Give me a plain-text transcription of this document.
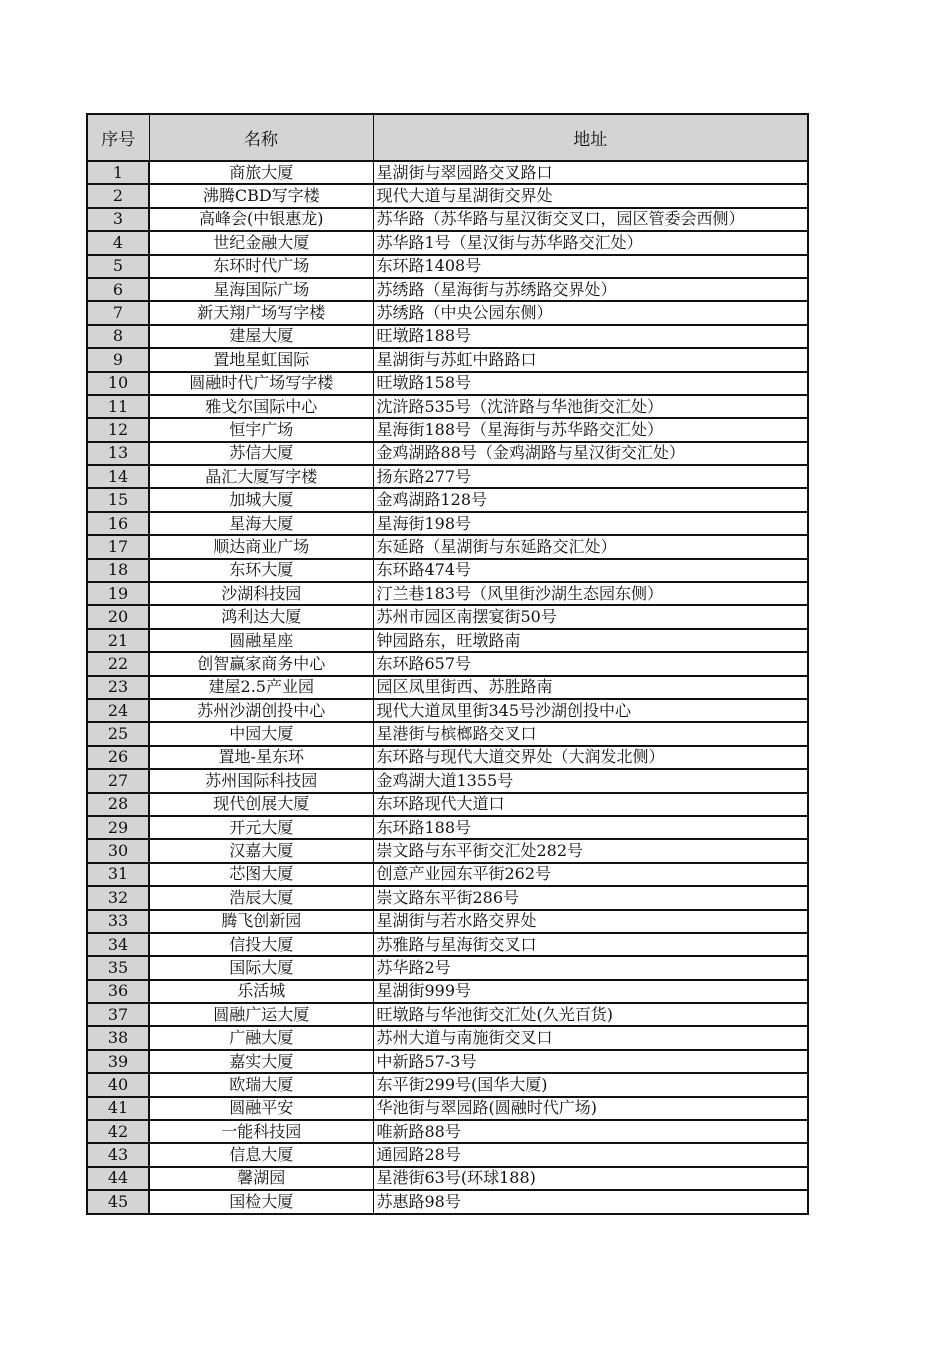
序号	名称	地址
1	商旅大厦	星湖街与翠园路交叉路口
2	沸腾CBD写字楼	现代大道与星湖街交界处
3	高峰会(中银惠龙)	苏华路（苏华路与星汉街交叉口，园区管委会西侧）
4	世纪金融大厦	苏华路1号（星汉街与苏华路交汇处）
5	东环时代广场	东环路1408号
6	星海国际广场	苏绣路（星海街与苏绣路交界处）
7	新天翔广场写字楼	苏绣路（中央公园东侧）
8	建屋大厦	旺墩路188号
9	置地星虹国际	星湖街与苏虹中路路口
10	圆融时代广场写字楼	旺墩路158号
11	雅戈尔国际中心	沈浒路535号（沈浒路与华池街交汇处）
12	恒宇广场	星海街188号（星海街与苏华路交汇处）
13	苏信大厦	金鸡湖路88号（金鸡湖路与星汉街交汇处）
14	晶汇大厦写字楼	扬东路277号
15	加城大厦	金鸡湖路128号
16	星海大厦	星海街198号
17	顺达商业广场	东延路（星湖街与东延路交汇处）
18	东环大厦	东环路474号
19	沙湖科技园	汀兰巷183号（风里街沙湖生态园东侧）
20	鸿利达大厦	苏州市园区南摆宴街50号
21	圆融星座	钟园路东，旺墩路南
22	创智赢家商务中心	东环路657号
23	建屋2.5产业园	园区凤里街西、苏胜路南
24	苏州沙湖创投中心	现代大道凤里街345号沙湖创投中心
25	中园大厦	星港街与槟榔路交叉口
26	置地-星东环	东环路与现代大道交界处（大润发北侧）
27	苏州国际科技园	金鸡湖大道1355号
28	现代创展大厦	东环路现代大道口
29	开元大厦	东环路188号
30	汉嘉大厦	崇文路与东平街交汇处282号
31	芯图大厦	创意产业园东平街262号
32	浩辰大厦	崇文路东平街286号
33	腾飞创新园	星湖街与若水路交界处
34	信投大厦	苏雅路与星海街交叉口
35	国际大厦	苏华路2号
36	乐活城	星湖街999号
37	圆融广运大厦	旺墩路与华池街交汇处(久光百货)
38	广融大厦	苏州大道与南施街交叉口
39	嘉实大厦	中新路57-3号
40	欧瑞大厦	东平街299号(国华大厦)
41	圆融平安	华池街与翠园路(圆融时代广场)
42	一能科技园	唯新路88号
43	信息大厦	通园路28号
44	馨湖园	星港街63号(环球188)
45	国检大厦	苏惠路98号
